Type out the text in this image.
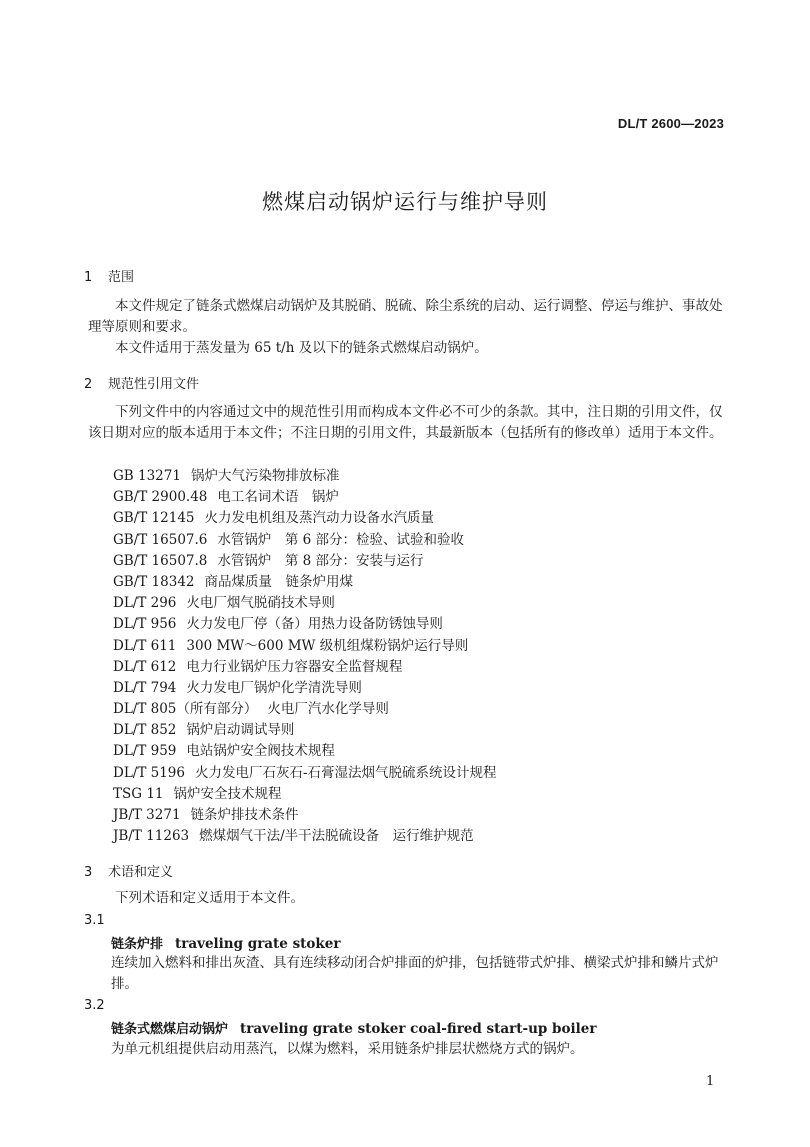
DL/T 2600—2023
燃煤启动锅炉运行与维护导则
1 范围

本文件规定了链条式燃煤启动锅炉及其脱硝、脱硫、除尘系统的启动、运行调整、停运与维护、事故处理等原则和要求。

本文件适用于蒸发量为 65 t/h 及以下的链条式燃煤启动锅炉。

2 规范性引用文件

下列文件中的内容通过文中的规范性引用而构成本文件必不可少的条款。其中，注日期的引用文件，仅该日期对应的版本适用于本文件；不注日期的引用文件，其最新版本（包括所有的修改单）适用于本文件。

GB 13271 锅炉大气污染物排放标准
GB/T 2900.48 电工名词术语　锅炉
GB/T 12145 火力发电机组及蒸汽动力设备水汽质量
GB/T 16507.6 水管锅炉　第 6 部分：检验、试验和验收
GB/T 16507.8 水管锅炉　第 8 部分：安装与运行
GB/T 18342 商品煤质量　链条炉用煤
DL/T 296 火电厂烟气脱硝技术导则
DL/T 956 火力发电厂停（备）用热力设备防锈蚀导则
DL/T 611 300 MW～600 MW 级机组煤粉锅炉运行导则
DL/T 612 电力行业锅炉压力容器安全监督规程
DL/T 794 火力发电厂锅炉化学清洗导则
DL/T 805（所有部分） 火电厂汽水化学导则
DL/T 852 锅炉启动调试导则
DL/T 959 电站锅炉安全阀技术规程
DL/T 5196 火力发电厂石灰石-石膏湿法烟气脱硫系统设计规程
TSG 11 锅炉安全技术规程
JB/T 3271 链条炉排技术条件
JB/T 11263 燃煤烟气干法/半干法脱硫设备　运行维护规范
3 术语和定义

下列术语和定义适用于本文件。

3.1
链条炉排 traveling grate stoker

连续加入燃料和排出灰渣、具有连续移动闭合炉排面的炉排，包括链带式炉排、横梁式炉排和鳞片式炉排。

3.2
链条式燃煤启动锅炉 traveling grate stoker coal-fired start-up boiler

为单元机组提供启动用蒸汽，以煤为燃料，采用链条炉排层状燃烧方式的锅炉。

1
